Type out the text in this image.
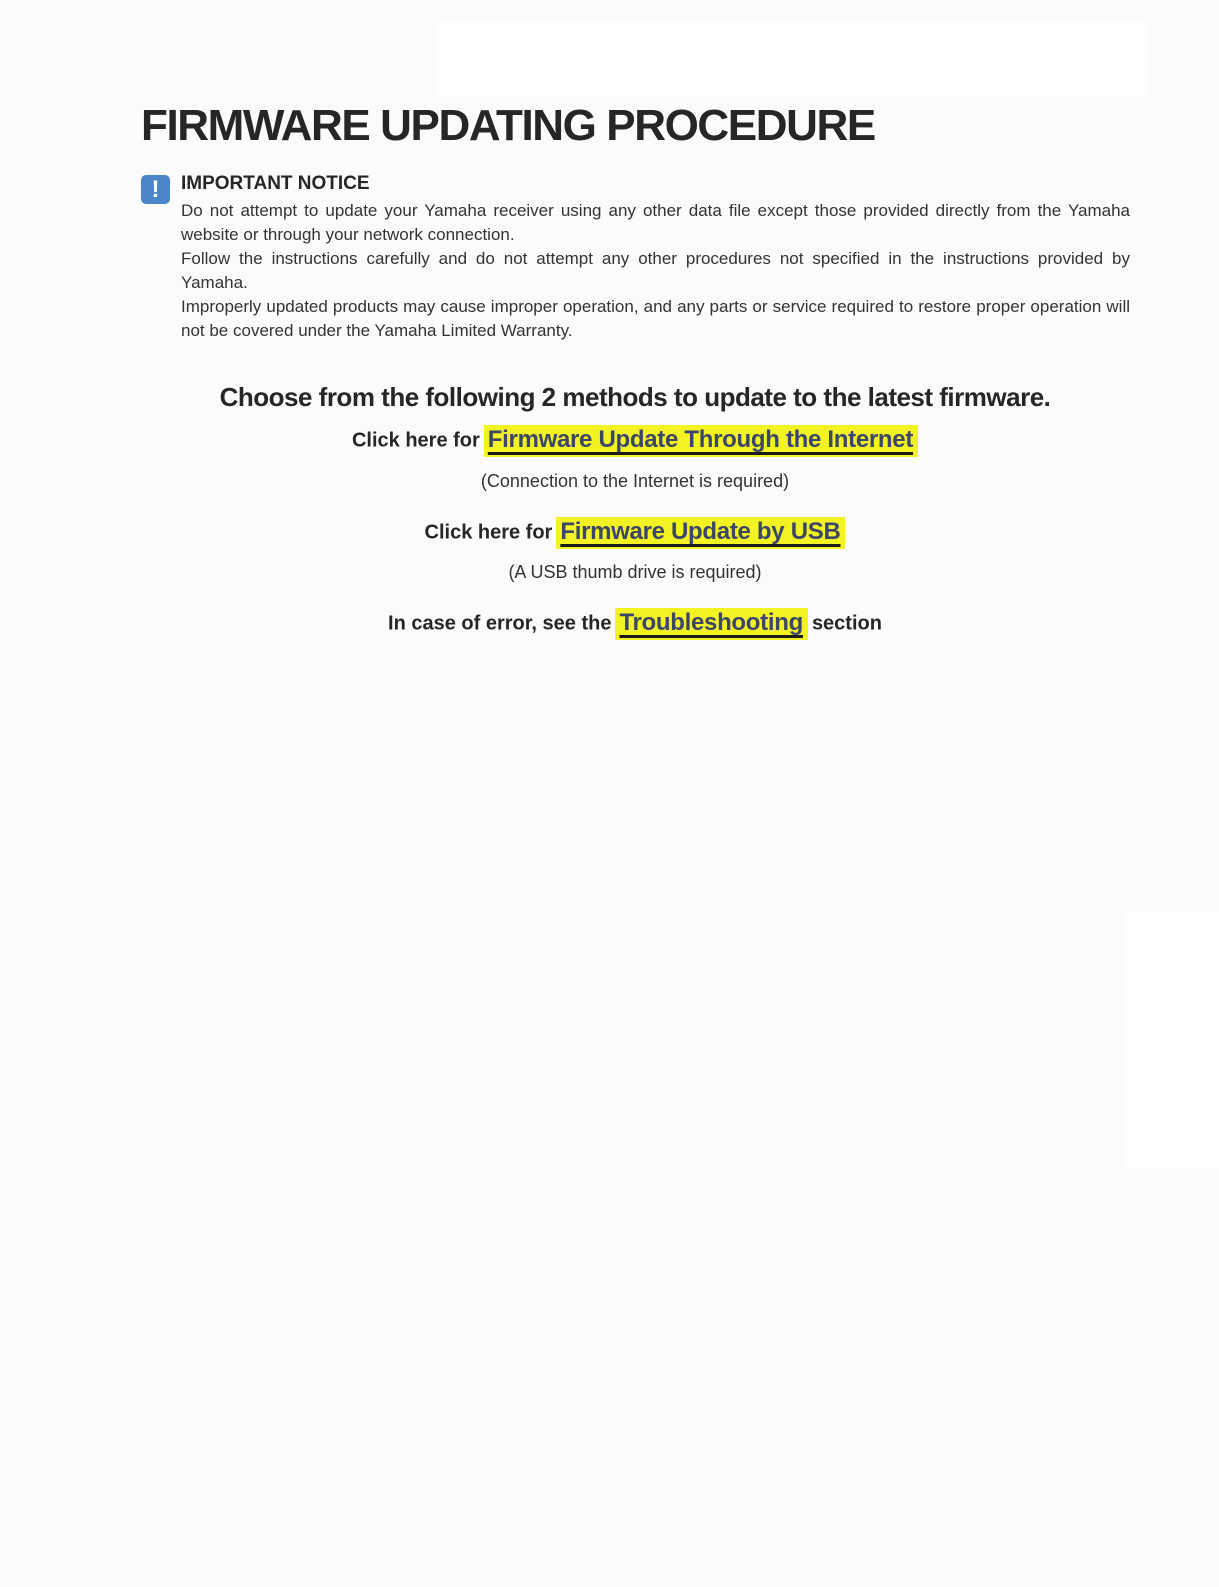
FIRMWARE UPDATING PROCEDURE
!	IMPORTANT NOTICE

Do not attempt to update your Yamaha receiver using any other data file except those provided directly from the Yamaha website or through your network connection.

Follow the instructions carefully and do not attempt any other procedures not specified in the instructions provided by Yamaha.

Improperly updated products may cause improper operation, and any parts or service required to restore proper operation will not be covered under the Yamaha Limited Warranty.

Choose from the following 2 methods to update to the latest firmware.
Click here for Firmware Update Through the Internet
(Connection to the Internet is required)
Click here for Firmware Update by USB
(A USB thumb drive is required)
In case of error, see the Troubleshooting section
